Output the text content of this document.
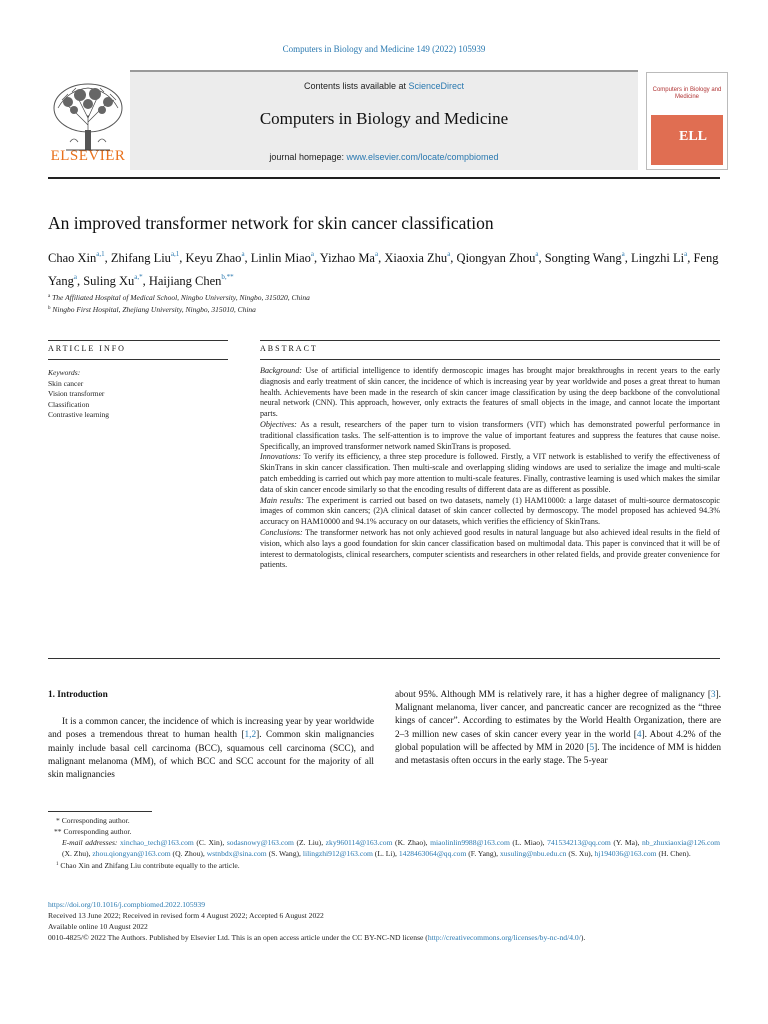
Computers in Biology and Medicine 149 (2022) 105939
ELSEVIER
Contents lists available at ScienceDirect
Computers in Biology and Medicine
journal homepage: www.elsevier.com/locate/compbiomed
Computers in Biology and Medicine
ELL
An improved transformer network for skin cancer classification
Chao Xin$^{a,1}$, Zhifang Liu$^{a,1}$, Keyu Zhao$^a$, Linlin Miao$^a$, Yizhao Ma$^a$, Xiaoxia Zhu$^a$, Qiongyan Zhou$^a$, Songting Wang$^a$, Lingzhi Li$^a$, Feng Yang$^a$, Suling $Xu^{a,*}$, Haijiang Chen$^{b,**}$
$^a$ The Affiliated Hospital of Medical School, Ningbo University, Ningbo, 315020, China
$^b$ Ningbo First Hospital, Zhejiang University, Ningbo, 315010, China
ARTICLE INFO	ABSTRACT
Keywords:
Skin cancer
Vision transformer
Classification
Contrastive learning

Background: Use of artificial intelligence to identify dermoscopic images has brought major breakthroughs in recent years to the early diagnosis and early treatment of skin cancer, the incidence of which is increasing year by year worldwide and poses a great threat to human health. Achievements have been made in the research of skin cancer image classification by using the deep backbone of the convolutional neural network (CNN). This approach, however, only extracts the features of small objects in the image, and cannot locate the important parts.

Objectives: As a result, researchers of the paper turn to vision transformers (VIT) which has demonstrated powerful performance in traditional classification tasks. The self-attention is to improve the value of important features and suppress the features that cause noise. Specifically, an improved transformer network named SkinTrans is proposed.

Innovations: To verify its efficiency, a three step procedure is followed. Firstly, a VIT network is established to verify the effectiveness of SkinTrans in skin cancer classification. Then multi-scale and overlapping sliding windows are used to serialize the image and multi-scale patch embedding is carried out which pay more attention to multi-scale features. Finally, contrastive learning is used which makes the similar data of skin cancer encode similarly so that the encoding results of different data are as different as possible.

Main results: The experiment is carried out based on two datasets, namely (1) HAM10000: a large dataset of multi-source dermatoscopic images of common skin cancers; (2)A clinical dataset of skin cancer collected by dermoscopy. The model proposed has achieved 94.3% accuracy on HAM10000 and 94.1% accuracy on our datasets, which verifies the efficiency of SkinTrans.

Conclusions: The transformer network has not only achieved good results in natural language but also achieved ideal results in the field of vision, which also lays a good foundation for skin cancer classification based on multimodal data. This paper is convinced that it will be of interest to dermatologists, clinical researchers, computer scientists and researchers in other related fields, and provide greater convenience for patients.

1. Introduction

It is a common cancer, the incidence of which is increasing year by year worldwide and poses a tremendous threat to human health [1,2]. Common skin malignancies mainly include basal cell carcinoma (BCC), squamous cell carcinoma (SCC), and malignant melanoma (MM), of which BCC and SCC account for the majority of all skin malignancies

about 95%. Although MM is relatively rare, it has a higher degree of malignancy [3]. Malignant melanoma, liver cancer, and pancreatic cancer are recognized as the “three kings of cancer”. According to estimates by the World Health Organization, there are 2–3 million new cases of skin cancer every year in the world [4]. About 4.2% of the global population will be affected by MM in 2020 [5]. The incidence of MM is hidden and metastasis often occurs in the early stage. The 5-year
* Corresponding author.
** Corresponding author.
E-mail addresses: xinchao_tech@163.com (C. Xin), sodasnowy@163.com (Z. Liu), zky960114@163.com (K. Zhao), miaolinlin9988@163.com (L. Miao), 741534213@qq.com (Y. Ma), nb_zhuxiaoxia@126.com (X. Zhu), zhou.qiongyan@163.com (Q. Zhou), wstnbdx@sina.com (S. Wang), lilingzhi912@163.com (L. Li), 1428463064@qq.com (F. Yang), xusuling@nbu.edu.cn (S. Xu), hj194036@163.com (H. Chen).
$^1$ Chao Xin and Zhifang Liu contribute equally to the article.
https://doi.org/10.1016/j.compbiomed.2022.105939
Received 13 June 2022; Received in revised form 4 August 2022; Accepted 6 August 2022
Available online 10 August 2022
0010-4825/© 2022 The Authors. Published by Elsevier Ltd. This is an open access article under the CC BY-NC-ND license (http://creativecommons.org/licenses/by-nc-nd/4.0/).
